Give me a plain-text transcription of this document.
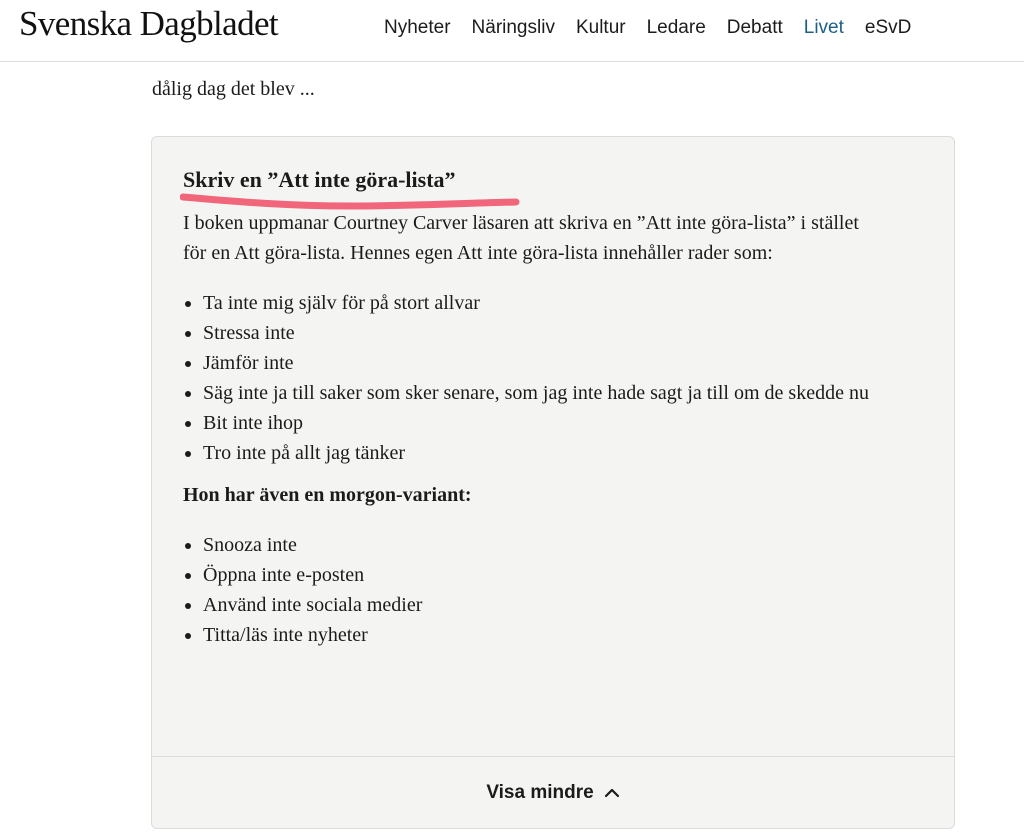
dålig dag det blev ...
Svenska Dagbladet	Nyheter Näringsliv Kultur Ledare Debatt Livet eSvD
Skriv en ”Att inte göra-lista”

I boken uppmanar Courtney Carver läsaren att skriva en ”Att inte göra-lista” i stället för en Att göra-lista. Hennes egen Att inte göra-lista innehåller rader som:

• Ta inte mig själv för på stort allvar
• Stressa inte
• Jämför inte
• Säg inte ja till saker som sker senare, som jag inte hade sagt ja till om de skedde nu
• Bit inte ihop
• Tro inte på allt jag tänker

Hon har även en morgon-variant:

• Snooza inte
• Öppna inte e-posten
• Använd inte sociala medier
• Titta/läs inte nyheter
Visa mindre
